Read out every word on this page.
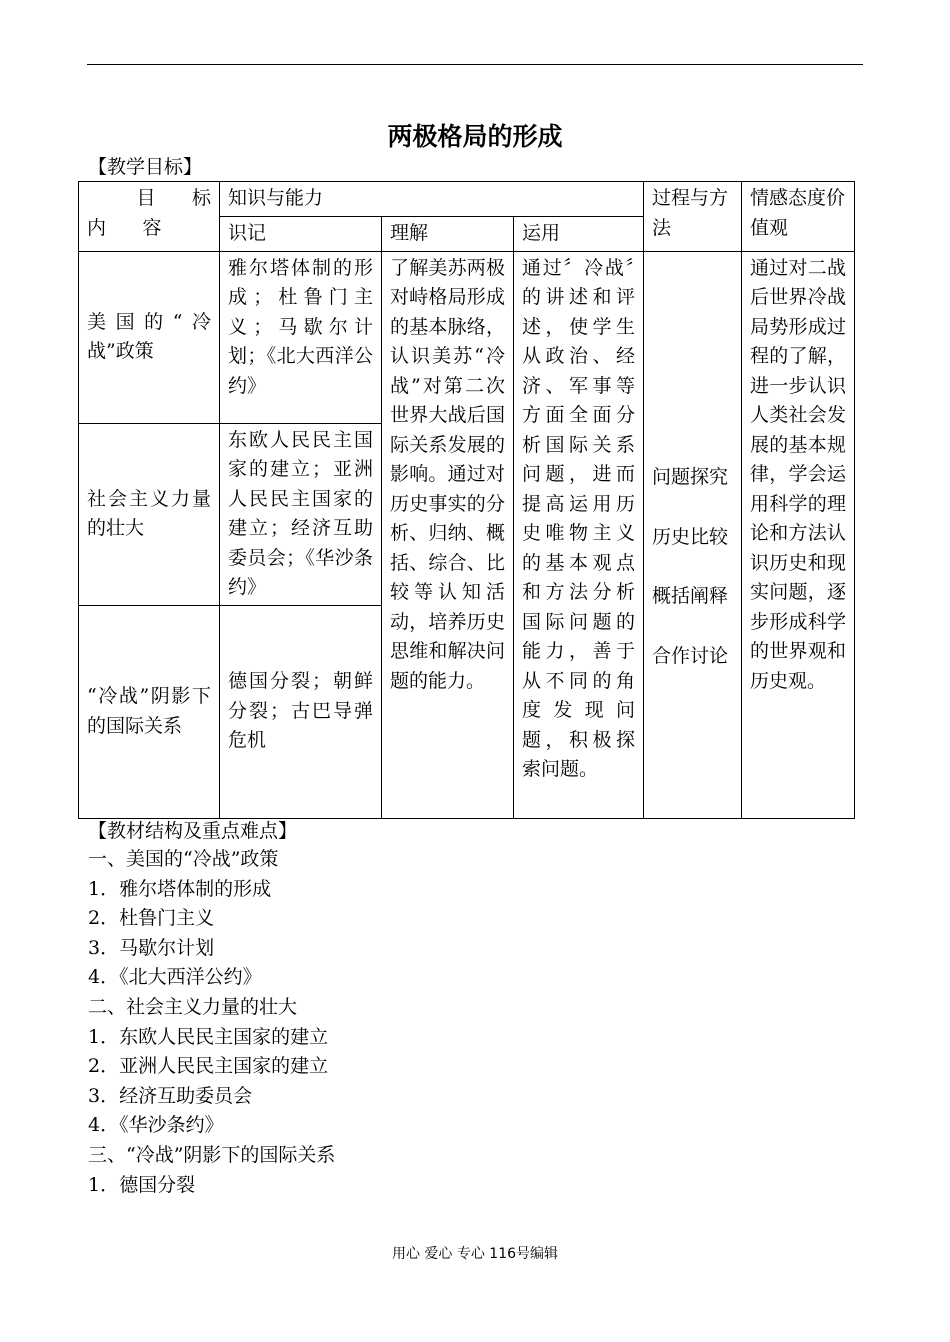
两极格局的形成
【教学目标】
目 标
内 容	知识与能力			过程与方法	情感态度价值观
	识记	理解	运用		
美国的“冷战”政策	雅尔塔体制的形成；杜鲁门主义；马歇尔计划；《北大西洋公约》	了解美苏两极对峙格局形成的基本脉络，认识美苏“冷战”对第二次世界大战后国际关系发展的影响。通过对历史事实的分析、归纳、概括、综合、比较等认知活动，培养历史思维和解决问题的能力。	通过〞冷战〞的讲述和评述，使学生从政治、经济、军事等方面全面分析国际关系问题，进而提高运用历史唯物主义的基本观点和方法分析国际问题的能力，善于从不同的角度发现问题，积极探索问题。	问题探究
历史比较
概括阐释
合作讨论	通过对二战后世界冷战局势形成过程的了解，进一步认识人类社会发展的基本规律，学会运用科学的理论和方法认识历史和现实问题，逐步形成科学的世界观和历史观。
社会主义力量的壮大	东欧人民民主国家的建立；亚洲人民民主国家的建立；经济互助委员会；《华沙条约》				
“冷战”阴影下的国际关系	德国分裂；朝鲜分裂；古巴导弹危机				
【教材结构及重点难点】
一、美国的“冷战”政策
1．雅尔塔体制的形成
2．杜鲁门主义
3．马歇尔计划
4．《北大西洋公约》
二、社会主义力量的壮大
1．东欧人民民主国家的建立
2．亚洲人民民主国家的建立
3．经济互助委员会
4．《华沙条约》
三、“冷战”阴影下的国际关系
1．德国分裂
用心 爱心 专心 116号编辑
